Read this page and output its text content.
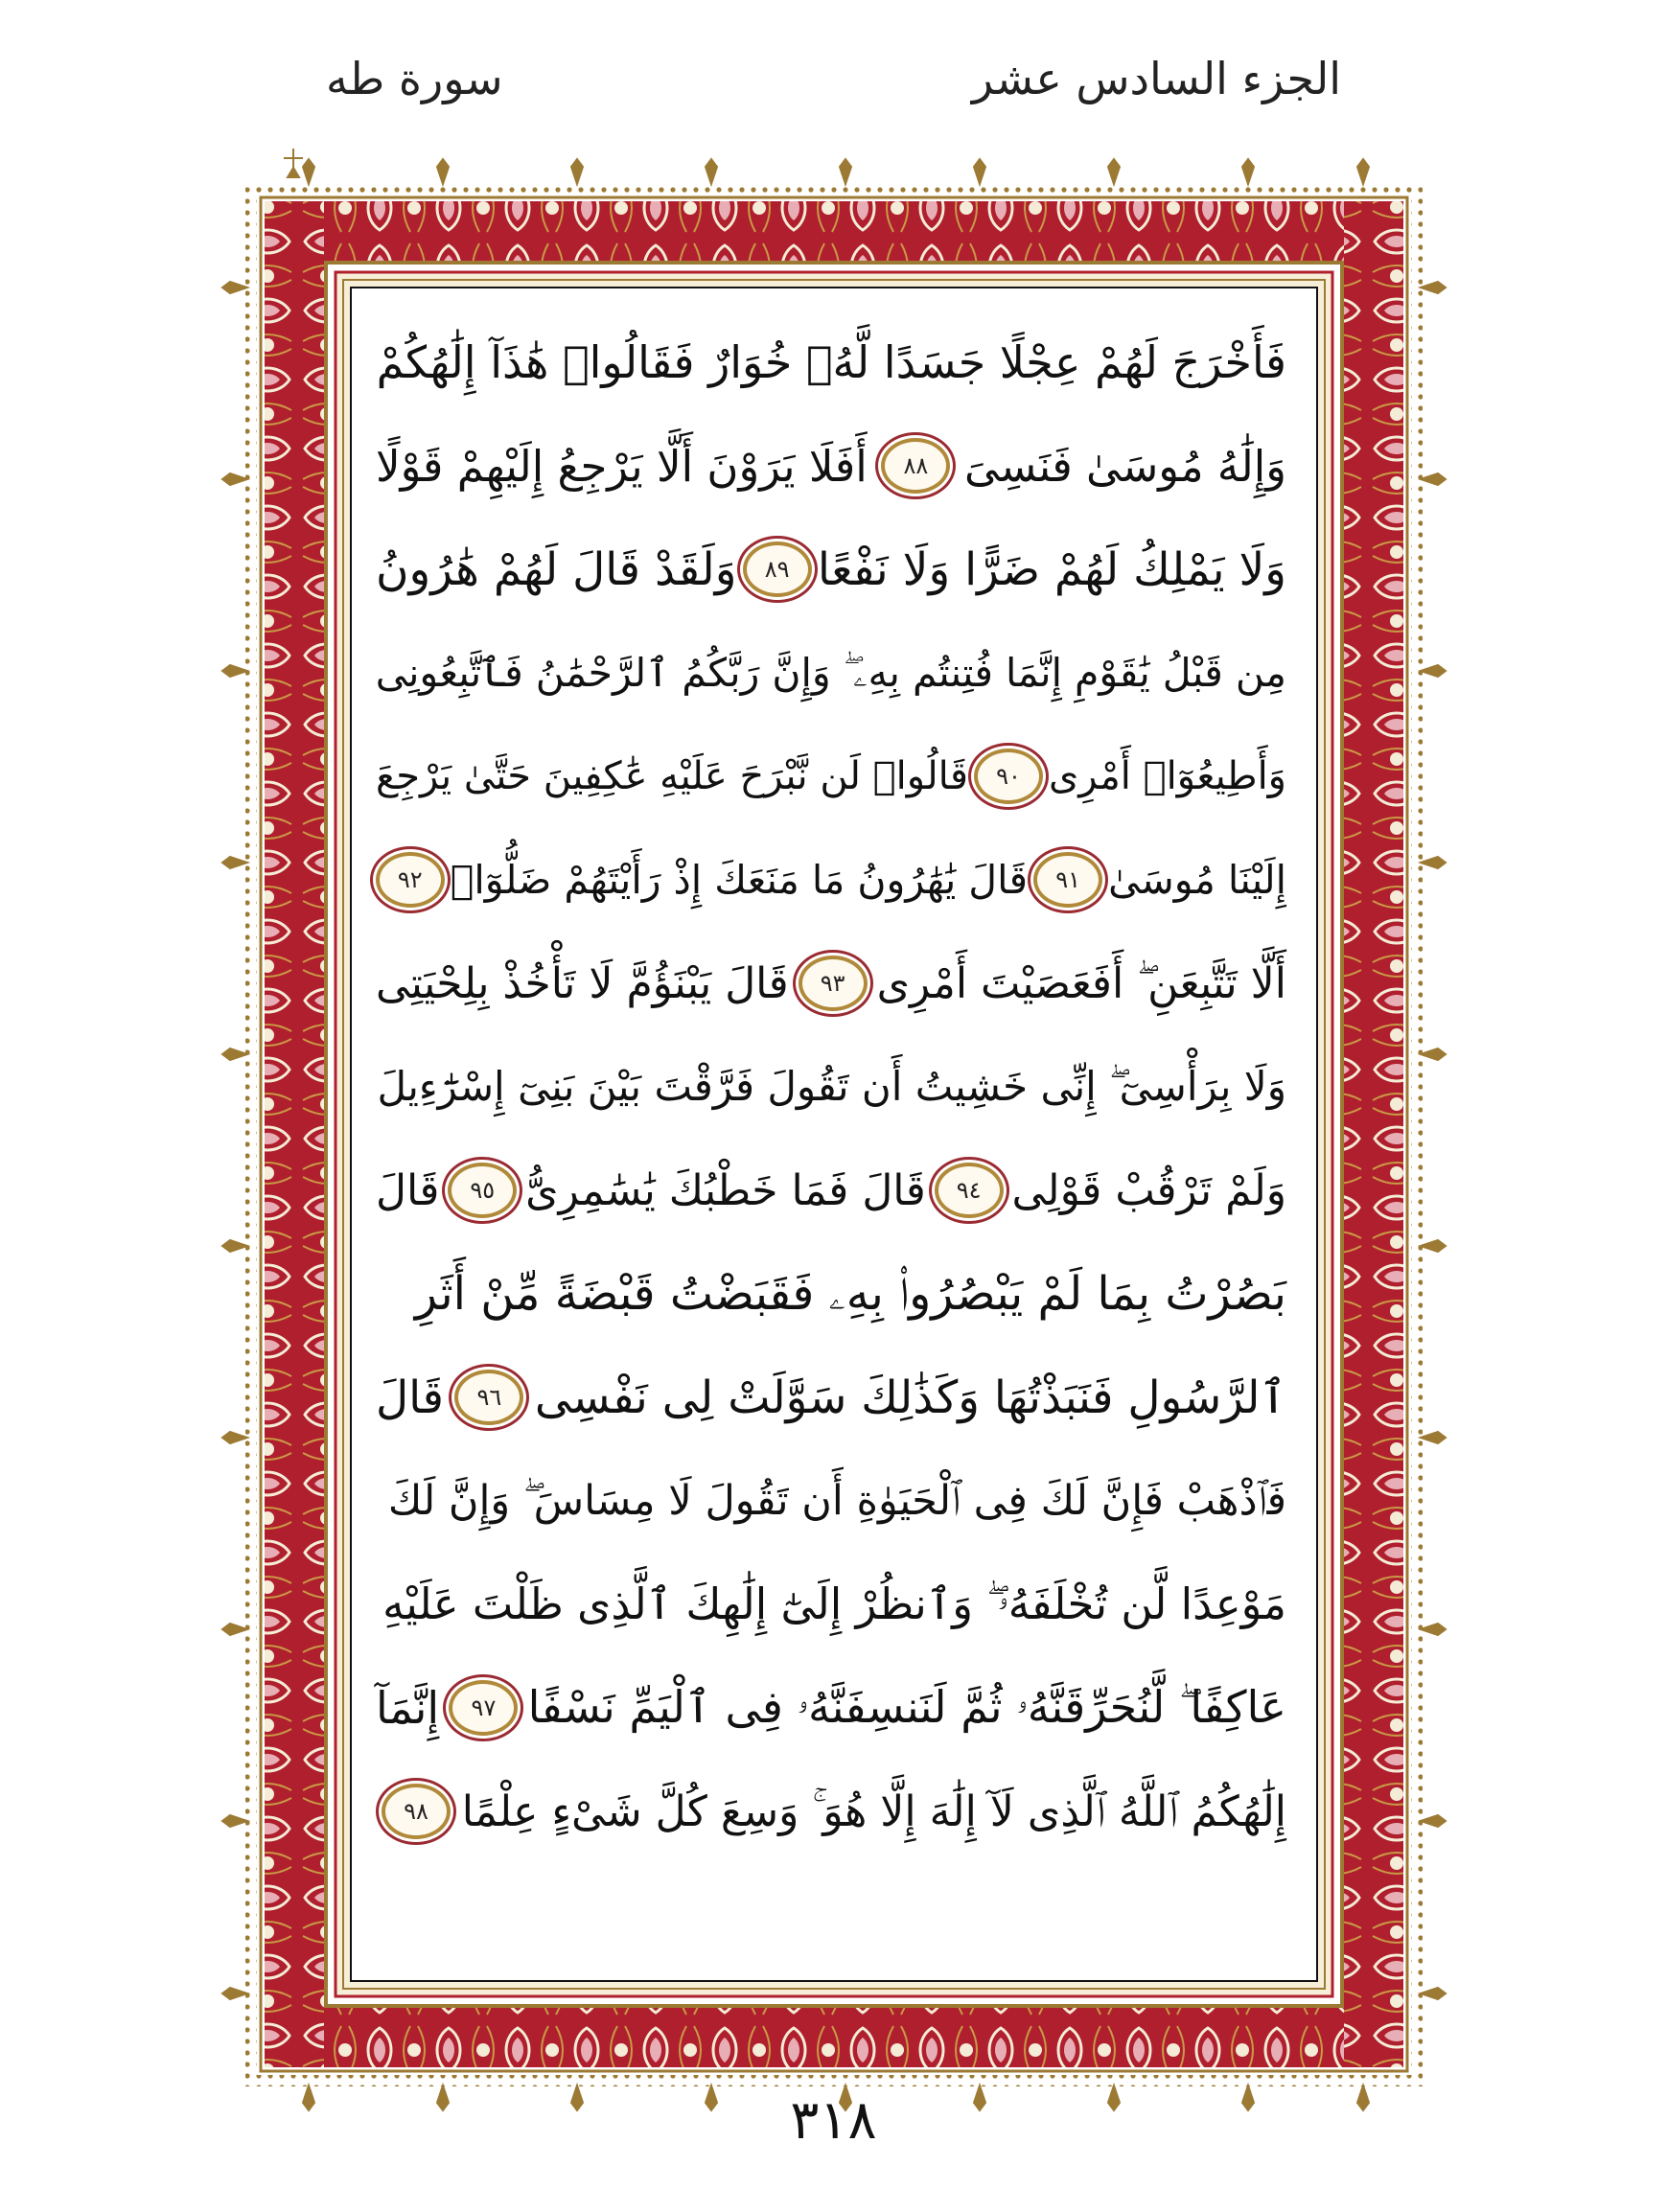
الجزء السادس عشر
سورة طه
فَأَخْرَجَ لَهُمْ عِجْلًا جَسَدًا لَّهُۥ خُوَارٌ فَقَالُوا۟ هَٰذَآ إِلَٰهُكُمْ
وَإِلَٰهُ مُوسَىٰ فَنَسِىَ
٨٨
أَفَلَا يَرَوْنَ أَلَّا يَرْجِعُ إِلَيْهِمْ قَوْلًا
وَلَا يَمْلِكُ لَهُمْ ضَرًّا وَلَا نَفْعًا
٨٩
وَلَقَدْ قَالَ لَهُمْ هَٰرُونُ
مِن قَبْلُ يَٰقَوْمِ إِنَّمَا فُتِنتُم بِهِۦ ۖ وَإِنَّ رَبَّكُمُ ٱلرَّحْمَٰنُ فَٱتَّبِعُونِى
وَأَطِيعُوٓا۟ أَمْرِى
٩٠
قَالُوا۟ لَن نَّبْرَحَ عَلَيْهِ عَٰكِفِينَ حَتَّىٰ يَرْجِعَ
إِلَيْنَا مُوسَىٰ
٩١
قَالَ يَٰهَٰرُونُ مَا مَنَعَكَ إِذْ رَأَيْتَهُمْ ضَلُّوٓا۟
٩٢
أَلَّا تَتَّبِعَنِ ۖ أَفَعَصَيْتَ أَمْرِى
٩٣
قَالَ يَبْنَؤُمَّ لَا تَأْخُذْ بِلِحْيَتِى
وَلَا بِرَأْسِىٓ ۖ إِنِّى خَشِيتُ أَن تَقُولَ فَرَّقْتَ بَيْنَ بَنِىٓ إِسْرَٰٓءِيلَ
وَلَمْ تَرْقُبْ قَوْلِى
٩٤
قَالَ فَمَا خَطْبُكَ يَٰسَٰمِرِىُّ
٩٥
قَالَ
بَصُرْتُ بِمَا لَمْ يَبْصُرُوا۟ بِهِۦ فَقَبَضْتُ قَبْضَةً مِّنْ أَثَرِ
ٱلرَّسُولِ فَنَبَذْتُهَا وَكَذَٰلِكَ سَوَّلَتْ لِى نَفْسِى
٩٦
قَالَ
فَٱذْهَبْ فَإِنَّ لَكَ فِى ٱلْحَيَوٰةِ أَن تَقُولَ لَا مِسَاسَ ۖ وَإِنَّ لَكَ
مَوْعِدًا لَّن تُخْلَفَهُۥ ۖ وَٱنظُرْ إِلَىٰٓ إِلَٰهِكَ ٱلَّذِى ظَلْتَ عَلَيْهِ
عَاكِفًا ۖ لَّنُحَرِّقَنَّهُۥ ثُمَّ لَنَنسِفَنَّهُۥ فِى ٱلْيَمِّ نَسْفًا
٩٧
إِنَّمَآ
إِلَٰهُكُمُ ٱللَّهُ ٱلَّذِى لَآ إِلَٰهَ إِلَّا هُوَ ۚ وَسِعَ كُلَّ شَىْءٍ عِلْمًا
٩٨
٣١٨
